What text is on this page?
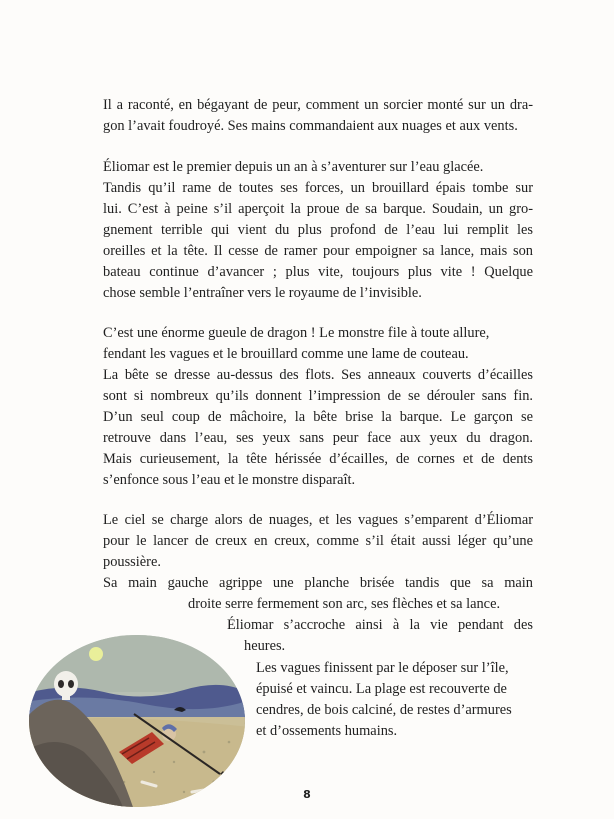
Il a raconté, en bégayant de peur, comment un sorcier monté sur un dra-
gon l’avait foudroyé. Ses mains commandaient aux nuages et aux vents.
Éliomar est le premier depuis un an à s’aventurer sur l’eau glacée.
Tandis qu’il rame de toutes ses forces, un brouillard épais tombe sur
lui. C’est à peine s’il aperçoit la proue de sa barque. Soudain, un gro-
gnement terrible qui vient du plus profond de l’eau lui remplit les
oreilles et la tête. Il cesse de ramer pour empoigner sa lance, mais son
bateau continue d’avancer ; plus vite, toujours plus vite ! Quelque
chose semble l’entraîner vers le royaume de l’invisible.
C’est une énorme gueule de dragon ! Le monstre file à toute allure,
fendant les vagues et le brouillard comme une lame de couteau.
La bête se dresse au-dessus des flots. Ses anneaux couverts d’écailles
sont si nombreux qu’ils donnent l’impression de se dérouler sans fin.
D’un seul coup de mâchoire, la bête brise la barque. Le garçon se
retrouve dans l’eau, ses yeux sans peur face aux yeux du dragon.
Mais curieusement, la tête hérissée d’écailles, de cornes et de dents
s’enfonce sous l’eau et le monstre disparaît.
Le ciel se charge alors de nuages, et les vagues s’emparent d’Éliomar
pour le lancer de creux en creux, comme s’il était aussi léger qu’une
poussière.
Sa main gauche agrippe une planche brisée tandis que sa main
droite serre fermement son arc, ses flèches et sa lance.
Éliomar s’accroche ainsi à la vie pendant des
heures.
Les vagues finissent par le déposer sur l’île,
épuisé et vaincu. La plage est recouverte de
cendres, de bois calciné, de restes d’armures
et d’ossements humains.
8
